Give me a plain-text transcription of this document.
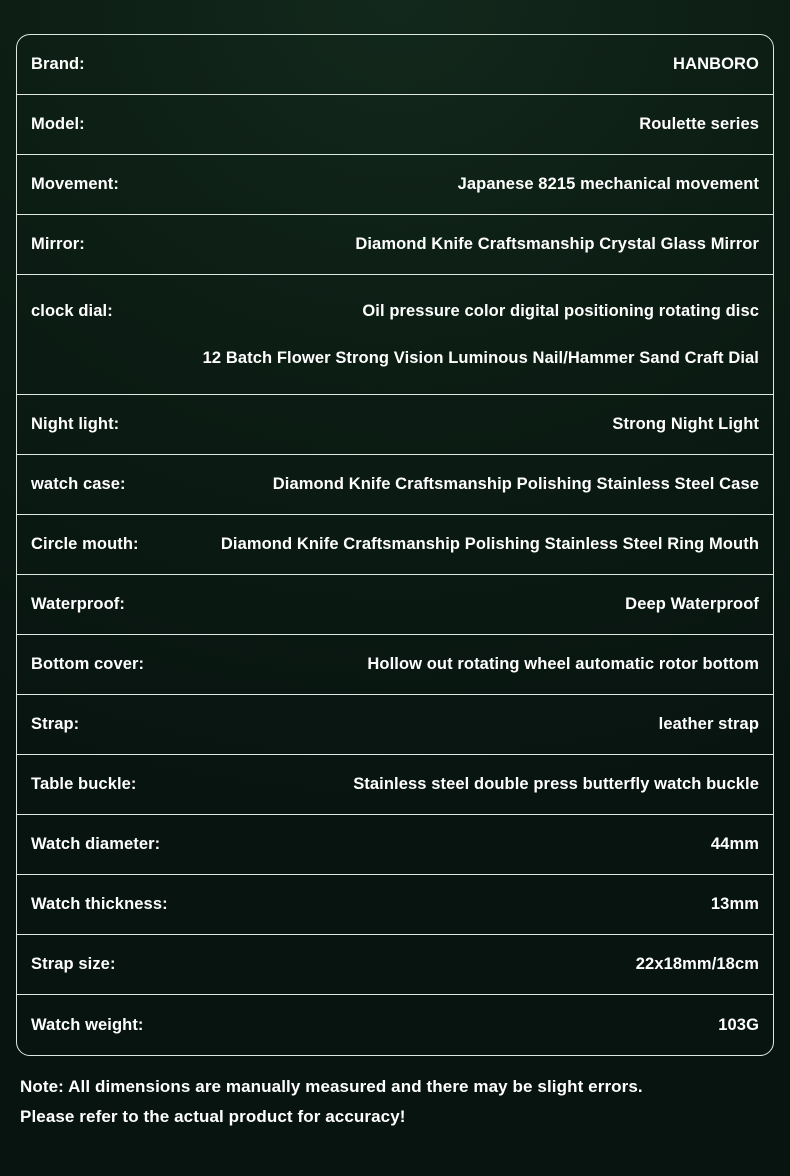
Brand:	HANBORO
Model:	Roulette series
Movement:	Japanese 8215 mechanical movement
Mirror:	Diamond Knife Craftsmanship Crystal Glass Mirror
clock dial:	Oil pressure color digital positioning rotating disc
12 Batch Flower Strong Vision Luminous Nail/Hammer Sand Craft Dial
Night light:	Strong Night Light
watch case:	Diamond Knife Craftsmanship Polishing Stainless Steel Case
Circle mouth:	Diamond Knife Craftsmanship Polishing Stainless Steel Ring Mouth
Waterproof:	Deep Waterproof
Bottom cover:	Hollow out rotating wheel automatic rotor bottom
Strap:	leather strap
Table buckle:	Stainless steel double press butterfly watch buckle
Watch diameter:	44mm
Watch thickness:	13mm
Strap size:	22x18mm/18cm
Watch weight:	103G
Note: All dimensions are manually measured and there may be slight errors.
Please refer to the actual product for accuracy!
